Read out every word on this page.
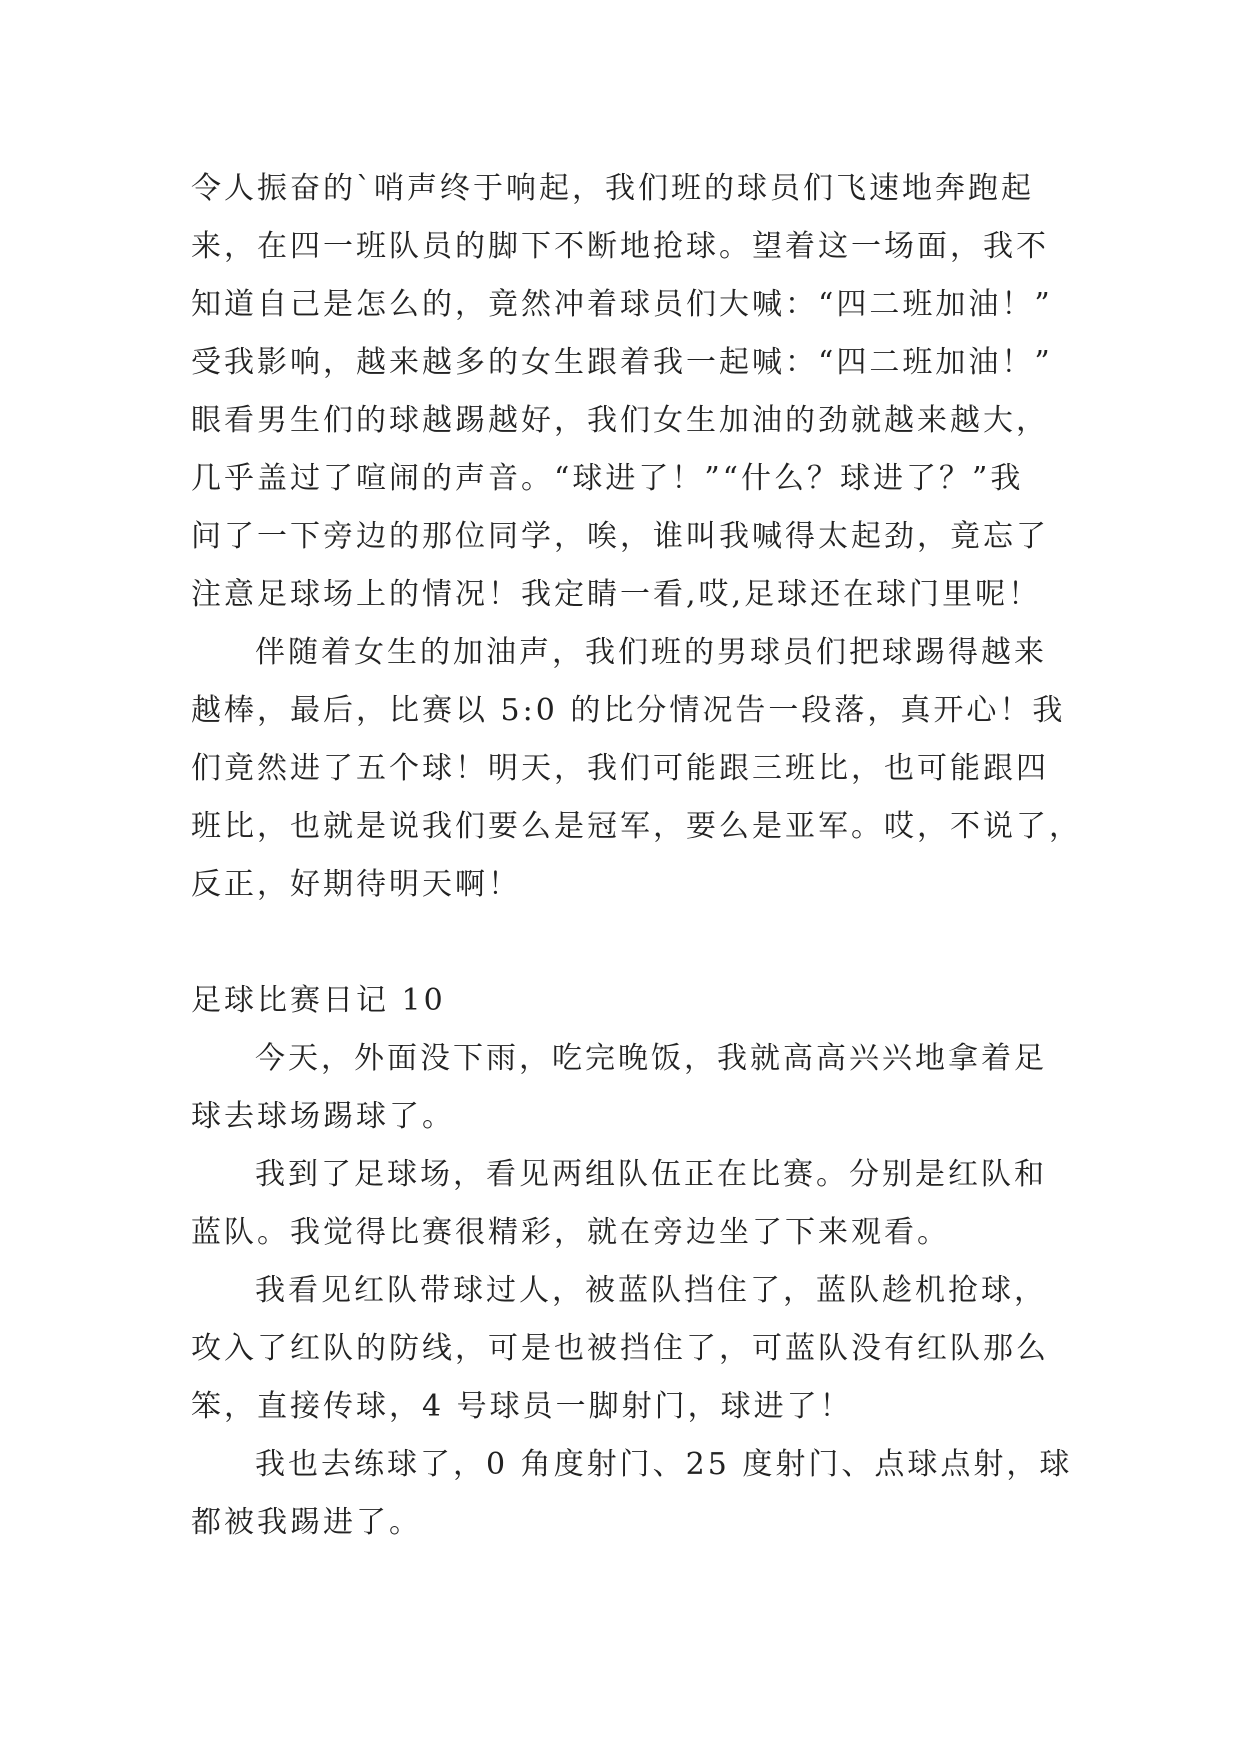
令人振奋的`哨声终于响起，我们班的球员们飞速地奔跑起
来，在四一班队员的脚下不断地抢球。望着这一场面，我不
知道自己是怎么的，竟然冲着球员们大喊：“四二班加油！”
受我影响，越来越多的女生跟着我一起喊：“四二班加油！”
眼看男生们的球越踢越好，我们女生加油的劲就越来越大，
几乎盖过了喧闹的声音。“球进了！”“什么？球进了？”我
问了一下旁边的那位同学，唉，谁叫我喊得太起劲，竟忘了
注意足球场上的情况！我定睛一看,哎,足球还在球门里呢！
伴随着女生的加油声，我们班的男球员们把球踢得越来
越棒，最后，比赛以 5:0 的比分情况告一段落，真开心！我
们竟然进了五个球！明天，我们可能跟三班比，也可能跟四
班比，也就是说我们要么是冠军，要么是亚军。哎，不说了，
反正，好期待明天啊！
足球比赛日记 10
今天，外面没下雨，吃完晚饭，我就高高兴兴地拿着足
球去球场踢球了。
我到了足球场，看见两组队伍正在比赛。分别是红队和
蓝队。我觉得比赛很精彩，就在旁边坐了下来观看。
我看见红队带球过人，被蓝队挡住了，蓝队趁机抢球，
攻入了红队的防线，可是也被挡住了，可蓝队没有红队那么
笨，直接传球，4 号球员一脚射门，球进了！
我也去练球了，0 角度射门、25 度射门、点球点射，球
都被我踢进了。
